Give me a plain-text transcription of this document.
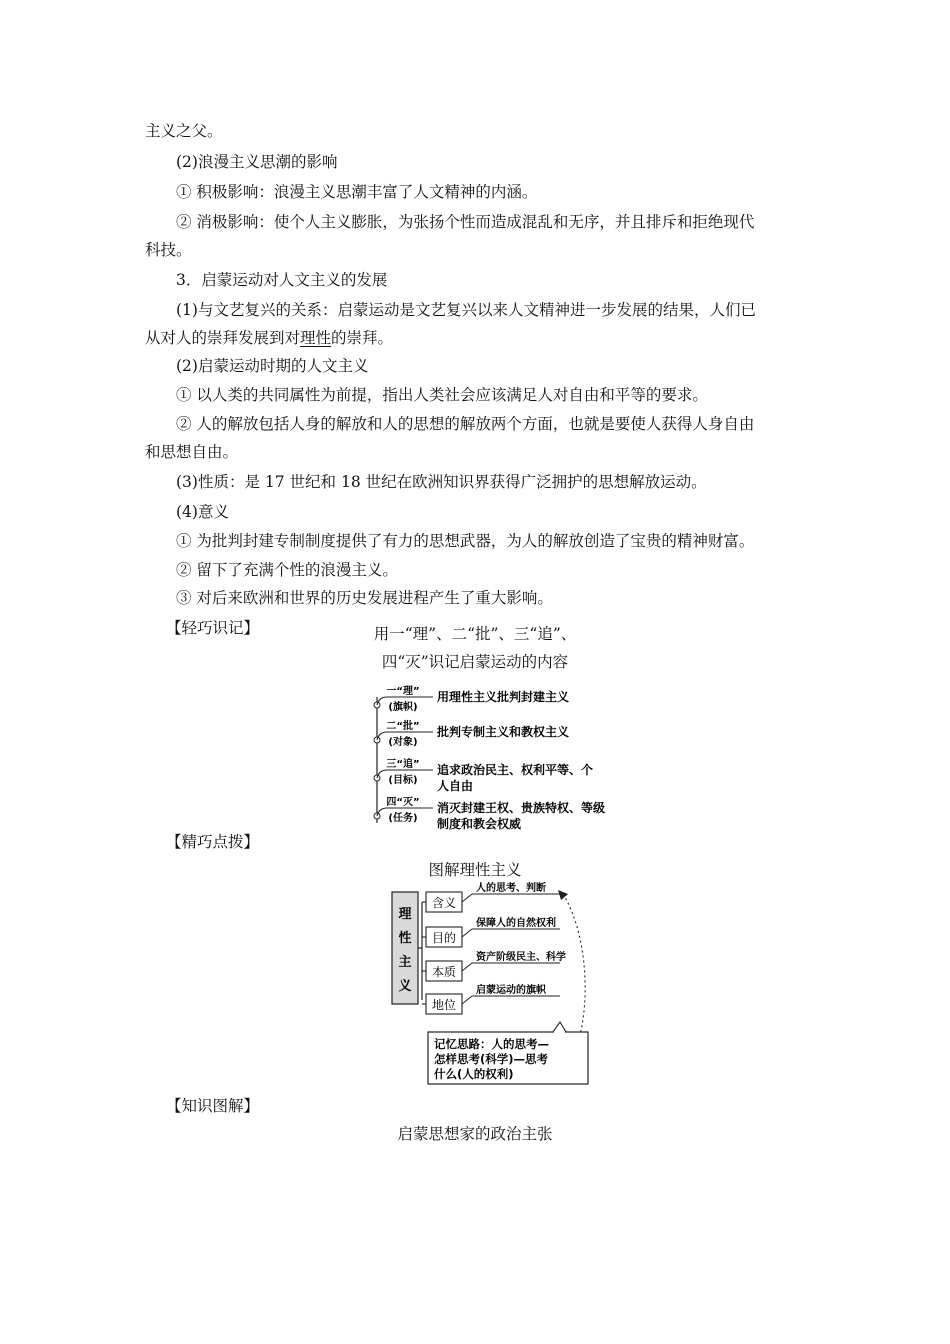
主义之父。
(2)浪漫主义思潮的影响
① 积极影响：浪漫主义思潮丰富了人文精神的内涵。
② 消极影响：使个人主义膨胀，为张扬个性而造成混乱和无序，并且排斥和拒绝现代
科技。
3．启蒙运动对人文主义的发展
(1)与文艺复兴的关系：启蒙运动是文艺复兴以来人文精神进一步发展的结果，人们已
从对人的崇拜发展到对理性的崇拜。
(2)启蒙运动时期的人文主义
① 以人类的共同属性为前提，指出人类社会应该满足人对自由和平等的要求。
② 人的解放包括人身的解放和人的思想的解放两个方面，也就是要使人获得人身自由
和思想自由。
(3)性质：是 17 世纪和 18 世纪在欧洲知识界获得广泛拥护的思想解放运动。
(4)意义
① 为批判封建专制制度提供了有力的思想武器，为人的解放创造了宝贵的精神财富。
② 留下了充满个性的浪漫主义。
③ 对后来欧洲和世界的历史发展进程产生了重大影响。
【轻巧识记】	用一“理”、二“批”、三“追”、
四“灭”识记启蒙运动的内容
一“理”
(旗帜)
用理性主义批判封建主义
二“批”
(对象)
批判专制主义和教权主义
三“追”
(目标)
追求政治民主、权利平等、个
人自由
四“灭”
(任务)
消灭封建王权、贵族特权、等级
制度和教会权威
【精巧点拨】
图解理性主义
理
性
主
义
含义
人的思考、判断
目的
保障人的自然权利
本质
资产阶级民主、科学
地位
启蒙运动的旗帜
记忆思路：人的思考—
怎样思考(科学)—思考
什么(人的权利)
【知识图解】
启蒙思想家的政治主张
